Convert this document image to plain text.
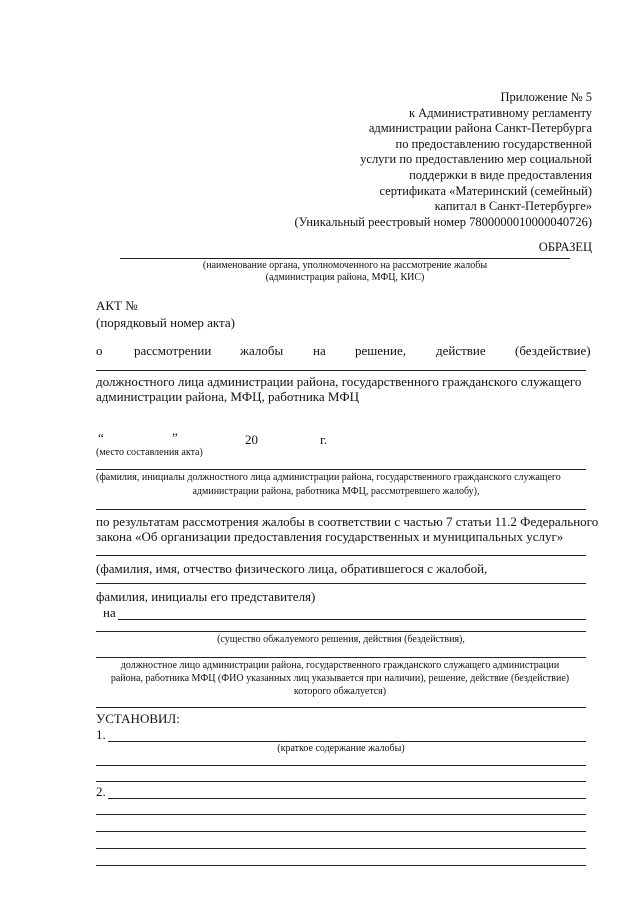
Приложение № 5
к Административному регламенту
администрации района Санкт-Петербурга
по предоставлению государственной
услуги по предоставлению мер социальной
поддержки в виде предоставления
сертификата «Материнский (семейный)
капитал в Санкт-Петербурге»
(Уникальный реестровый номер 7800000010000040726)
ОБРАЗЕЦ
(наименование органа, уполномоченного на рассмотрение жалобы
(администрация района, МФЦ, КИС)
АКТ №
(порядковый номер акта)
о рассмотрении жалобы на решение, действие (бездействие)
должностного лица администрации района, государственного гражданского служащего
администрации района, МФЦ, работника МФЦ
“	”	20	г.
(место составления акта)
(фамилия, инициалы должностного лица администрации района, государственного гражданского служащего
администрации района, работника МФЦ, рассмотревшего жалобу),
по результатам рассмотрения жалобы в соответствии с частью 7 статьи 11.2 Федерального
закона «Об организации предоставления государственных и муниципальных услуг»
(фамилия, имя, отчество физического лица, обратившегося с жалобой,
фамилия, инициалы его представителя)
на
(существо обжалуемого решения, действия (бездействия),
должностное лицо администрации района, государственного гражданского служащего администрации
района, работника МФЦ (ФИО указанных лиц указывается при наличии), решение, действие (бездействие)
которого обжалуется)
УСТАНОВИЛ:
1.
(краткое содержание жалобы)
2.
